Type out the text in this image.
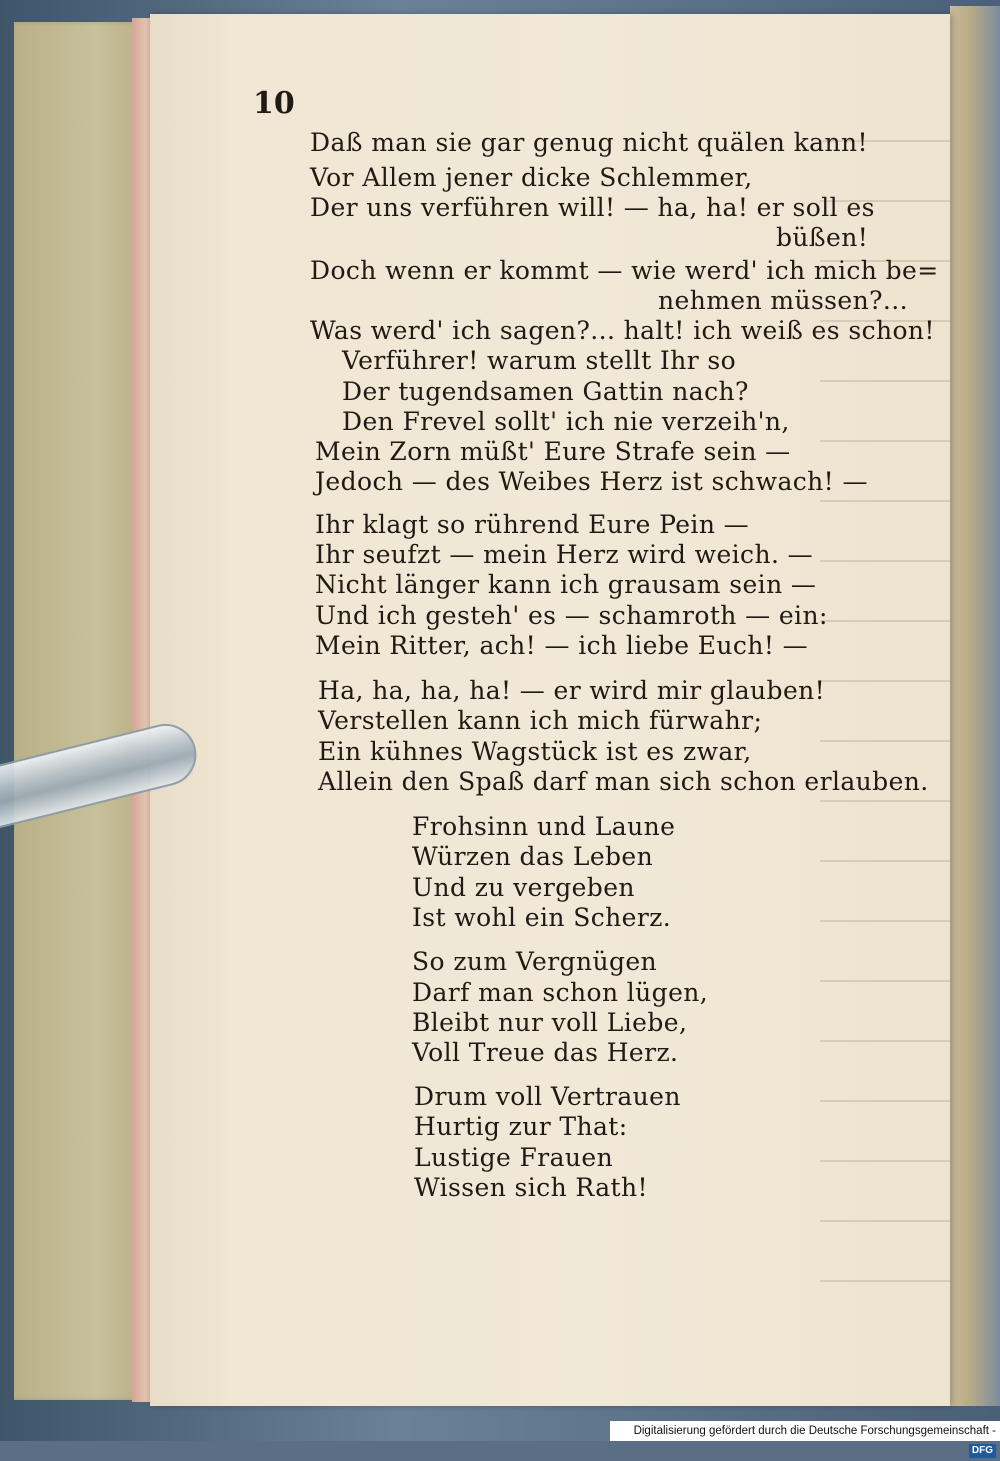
10
Daß man sie gar genug nicht quälen kann!
Vor Allem jener dicke Schlemmer,
Der uns verführen will! — ha, ha! er soll es
büßen!
Doch wenn er kommt — wie werd' ich mich be=
nehmen müssen?...
Was werd' ich sagen?... halt! ich weiß es schon!
Verführer! warum stellt Ihr so
Der tugendsamen Gattin nach?
Den Frevel sollt' ich nie verzeih'n,
Mein Zorn müßt' Eure Strafe sein —
Jedoch — des Weibes Herz ist schwach! —
Ihr klagt so rührend Eure Pein —
Ihr seufzt — mein Herz wird weich. —
Nicht länger kann ich grausam sein —
Und ich gesteh' es — schamroth — ein:
Mein Ritter, ach! — ich liebe Euch! —
Ha, ha, ha, ha! — er wird mir glauben!
Verstellen kann ich mich fürwahr;
Ein kühnes Wagstück ist es zwar,
Allein den Spaß darf man sich schon erlauben.
Frohsinn und Laune
Würzen das Leben
Und zu vergeben
Ist wohl ein Scherz.
So zum Vergnügen
Darf man schon lügen,
Bleibt nur voll Liebe,
Voll Treue das Herz.
Drum voll Vertrauen
Hurtig zur That:
Lustige Frauen
Wissen sich Rath!
Digitalisierung gefördert durch die Deutsche Forschungsgemeinschaft -DFG
